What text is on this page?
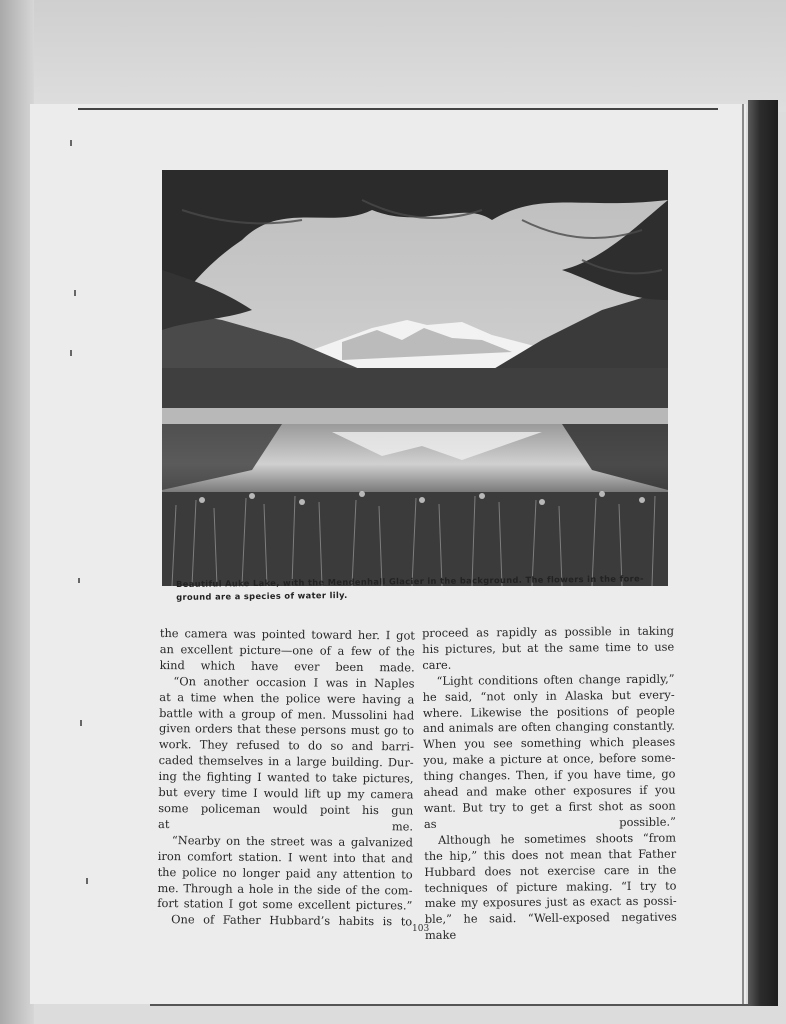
Beautiful Auke Lake, with the Mendenhall Glacier in the background. The flowers in the fore-
ground are a species of water lily.
the camera was pointed toward her. I got
an excellent picture—one of a few of the
kind which have ever been made.
“On another occasion I was in Naples
at a time when the police were having a
battle with a group of men. Mussolini had
given orders that these persons must go to
work. They refused to do so and barri-
caded themselves in a large building. Dur-
ing the fighting I wanted to take pictures,
but every time I would lift up my camera
some policeman would point his gun
at me.
“Nearby on the street was a galvanized
iron comfort station. I went into that and
the police no longer paid any attention to
me. Through a hole in the side of the com-
fort station I got some excellent pictures.”
One of Father Hubbard’s habits is to
proceed as rapidly as possible in taking
his pictures, but at the same time to use
care.
“Light conditions often change rapidly,”
he said, “not only in Alaska but every-
where. Likewise the positions of people
and animals are often changing constantly.
When you see something which pleases
you, make a picture at once, before some-
thing changes. Then, if you have time, go
ahead and make other exposures if you
want. But try to get a first shot as soon
as possible.”
Although he sometimes shoots “from
the hip,” this does not mean that Father
Hubbard does not exercise care in the
techniques of picture making. “I try to
make my exposures just as exact as possi-
ble,” he said. “Well-exposed negatives make
103
